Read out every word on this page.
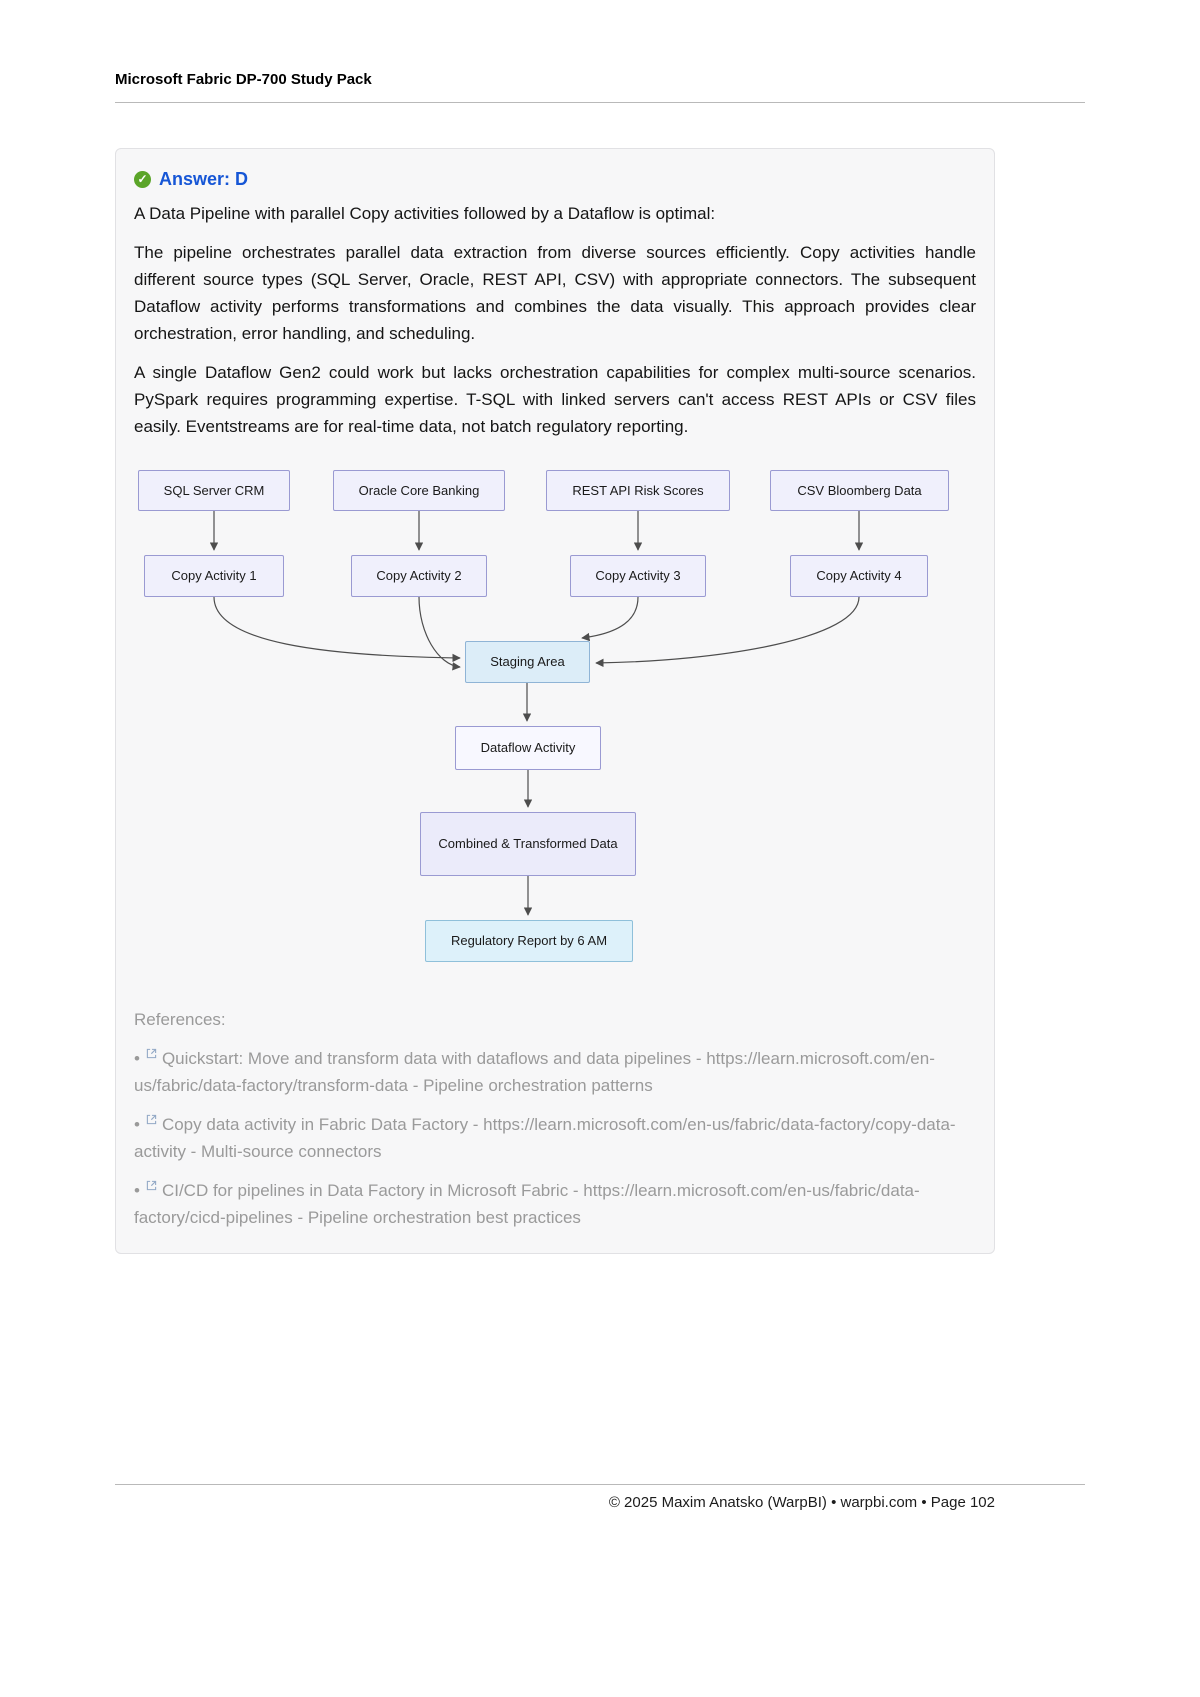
Microsoft Fabric DP-700 Study Pack
✓ Answer: D

A Data Pipeline with parallel Copy activities followed by a Dataflow is optimal:

The pipeline orchestrates parallel data extraction from diverse sources efficiently. Copy activities handle different source types (SQL Server, Oracle, REST API, CSV) with appropriate connectors. The subsequent Dataflow activity performs transformations and combines the data visually. This approach provides clear orchestration, error handling, and scheduling.

A single Dataflow Gen2 could work but lacks orchestration capabilities for complex multi-source scenarios. PySpark requires programming expertise. T-SQL with linked servers can't access REST APIs or CSV files easily. Eventstreams are for real-time data, not batch regulatory reporting.

SQL Server CRM	Oracle Core Banking	REST API Risk Scores	CSV Bloomberg Data
Copy Activity 1	Copy Activity 2	Copy Activity 3	Copy Activity 4
Staging Area
Dataflow Activity
Combined & Transformed Data
Regulatory Report by 6 AM
References:

• Quickstart: Move and transform data with dataflows and data pipelines - https://learn.microsoft.com/en-us/fabric/data-factory/transform-data - Pipeline orchestration patterns

• Copy data activity in Fabric Data Factory - https://learn.microsoft.com/en-us/fabric/data-factory/copy-data-activity - Multi-source connectors

• CI/CD for pipelines in Data Factory in Microsoft Fabric - https://learn.microsoft.com/en-us/fabric/data-factory/cicd-pipelines - Pipeline orchestration best practices

© 2025 Maxim Anatsko (WarpBI) • warpbi.com • Page 102
